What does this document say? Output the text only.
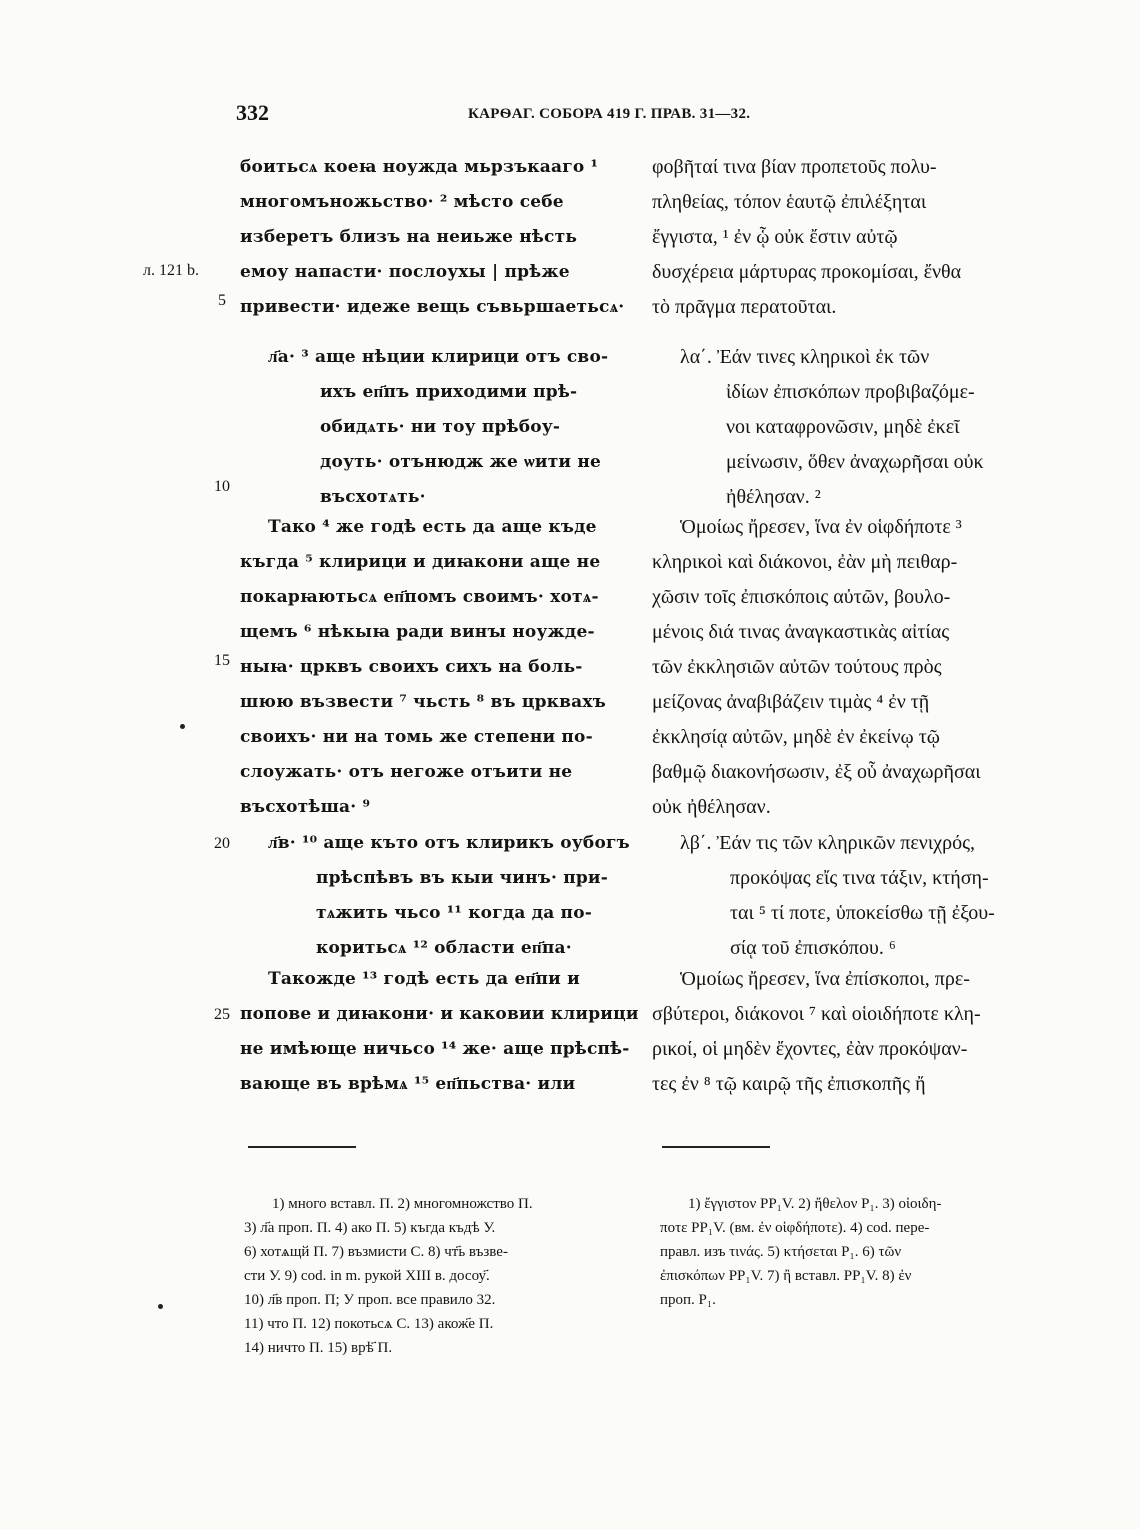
332	КАРѲАГ. СОБОРА 419 Г. ПРАВ. 31—32.
л. 121 b.
5
10
15
20
25
боитьсѧ коеꙗ ноужда мьрзъкааго ¹
многомъножьство· ² мѣсто себе
изберетъ близъ на неиьже нѣсть
емоу напасти· послоухы | прѣже
привести· идеже вещь съвьршаетьсѧ·
л҃а· ³ аще нѣции клирици отъ сво-
ихъ еп҃пъ приходими прѣ-
обидѧть· ни тоу прѣбоу-
доуть· отънюдж же ѡити не
въсхотѧть·
Тако ⁴ же годѣ есть да аще къде
къгда ⁵ клирици и диꙗкони аще не
покарꙗютьсѧ еп҃помъ своимъ· хотѧ-
щемъ ⁶ нѣкыꙗ ради винꙑ ноужде-
ныꙗ· црквъ своихъ сихъ на боль-
шюю възвести ⁷ чьсть ⁸ въ црквахъ
своихъ· ни на томь же степени по-
слоужать· отъ негоже отъити не
въсхотѣша· ⁹
л҃в· ¹⁰ аще къто отъ клирикъ оубогъ
прѣспѣвъ въ кыи чинъ· при-
тѧжить чьсо ¹¹ когда да по-
коритьсѧ ¹² области еп҃па·
Такожде ¹³ годѣ есть да еп҃пи и
попове и диꙗкони· и каковии клирици
не имѣюще ничьсо ¹⁴ же· аще прѣспѣ-
вающе въ врѣмѧ ¹⁵ еп҃пьства· или
φοβῆταί τινα βίαν προπετοῦς πολυ-
πληθείας, τόπον ἑαυτῷ ἐπιλέξηται
ἔγγιστα, ¹ ἐν ᾧ οὐκ ἔστιν αὐτῷ
δυσχέρεια μάρτυρας προκομίσαι, ἔνθα
τὸ πρᾶγμα περατοῦται.
λα΄. Ἐάν τινες κληρικοὶ ἐκ τῶν
ἰδίων ἐπισκόπων προβιβαζόμε-
νοι καταφρονῶσιν, μηδὲ ἐκεῖ
μείνωσιν, ὅθεν ἀναχωρῆσαι οὐκ
ἠθέλησαν. ²
Ὁμοίως ἤρεσεν, ἵνα ἐν οἱφδήποτε ³
κληρικοὶ καὶ διάκονοι, ἐὰν μὴ πειθαρ-
χῶσιν τοῖς ἐπισκόποις αὐτῶν, βουλο-
μένοις διά τινας ἀναγκαστικὰς αἰτίας
τῶν ἐκκλησιῶν αὐτῶν τούτους πρὸς
μείζονας ἀναβιβάζειν τιμὰς ⁴ ἐν τῇ
ἐκκλησίᾳ αὐτῶν, μηδὲ ἐν ἐκείνῳ τῷ
βαθμῷ διακονήσωσιν, ἐξ οὗ ἀναχωρῆσαι
οὐκ ἠθέλησαν.
λβ΄. Ἐάν τις τῶν κληρικῶν πενιχρός,
προκόψας εἴς τινα τάξιν, κτήση-
ται ⁵ τί ποτε, ὑποκείσθω τῇ ἐξου-
σίᾳ τοῦ ἐπισκόπου. ⁶
Ὁμοίως ἤρεσεν, ἵνα ἐπίσκοποι, πρε-
σβύτεροι, διάκονοι ⁷ καὶ οἱοιδήποτε κλη-
ρικοί, οἱ μηδὲν ἔχοντες, ἐὰν προκόψαν-
τες ἐν ⁸ τῷ καιρῷ τῆς ἐπισκοπῆς ἤ
1) много вставл. П. 2) многомножство П.
3) л҃а проп. П. 4) ако П. 5) къгда къдѣ У.
6) хотѧщй П. 7) възмисти С. 8) чт҃ь възве-
сти У. 9) cod. in m. рукой XIII в. досоу҃.
10) л҃в проп. П; У проп. все правило 32.
11) что П. 12) покотьсѧ С. 13) акож҃е П.
14) ничто П. 15) врѣ҃ П.
1) ἔγγιστον PP₁V. 2) ἤθελον P₁. 3) οἱοιδη-
ποτε PP₁V. (вм. ἐν οἱφδήποτε). 4) cod. пере-
правл. изъ τινάς. 5) κτήσεται P₁. 6) τῶν
ἐπισκόπων PP₁V. 7) ἢ вставл. PP₁V. 8) ἐν
проп. P₁.
